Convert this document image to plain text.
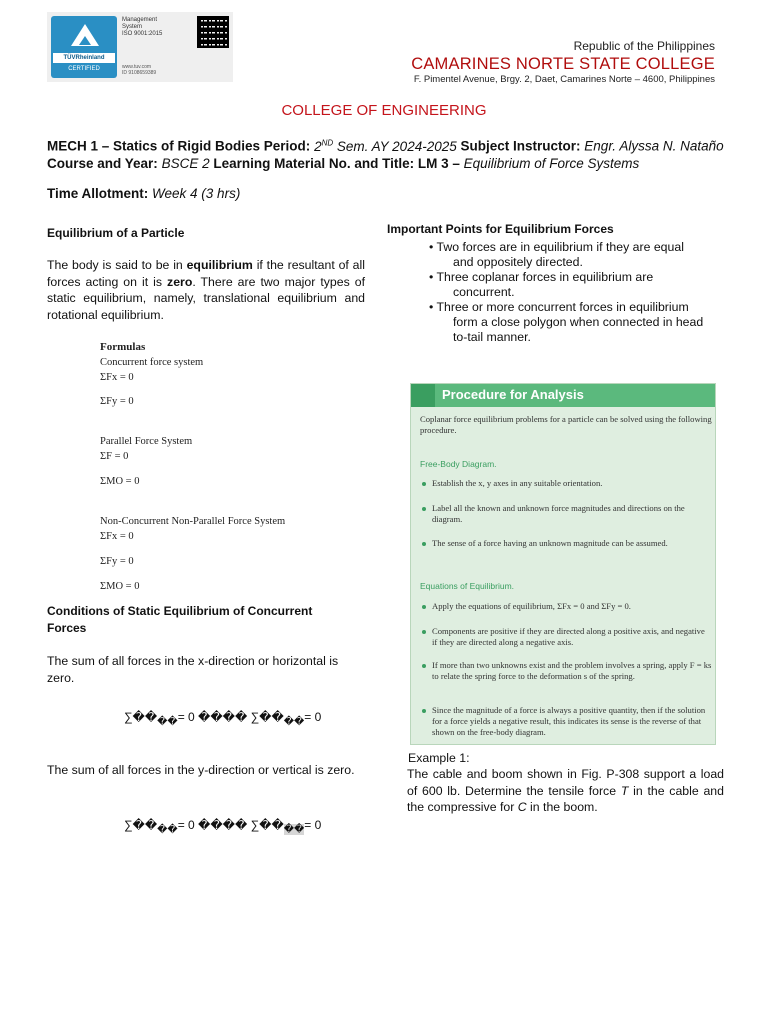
TÜVRheinland
CERTIFIED
Management
System
ISO 9001:2015
www.tuv.com
ID 9108659389
Republic of the Philippines
CAMARINES NORTE STATE COLLEGE
F. Pimentel Avenue, Brgy. 2, Daet, Camarines Norte – 4600, Philippines
COLLEGE OF ENGINEERING
MECH 1 – Statics of Rigid Bodies Period: 2ND Sem. AY 2024-2025 Subject Instructor: Engr. Alyssa N. Nataño Course and Year: BSCE 2 Learning Material No. and Title: LM 3 – Equilibrium of Force Systems
Time Allotment: Week 4 (3 hrs)
Equilibrium of a Particle
The body is said to be in equilibrium if the resultant of all forces acting on it is zero. There are two major types of static equilibrium, namely, translational equilibrium and rotational equilibrium.
Formulas
Concurrent force system
ΣFx = 0
ΣFy = 0
Parallel Force System
ΣF = 0
ΣMO = 0
Non-Concurrent Non-Parallel Force System
ΣFx = 0
ΣFy = 0
ΣMO = 0
Conditions of Static Equilibrium of Concurrent Forces
The sum of all forces in the x-direction or horizontal is zero.
$\sum��_{��}= 0$ ���� $\sum��_{��}= 0$
The sum of all forces in the y-direction or vertical is zero.
$\sum��_{��}= 0$ ���� $\sum��_{��}= 0$
Important Points for Equilibrium Forces
• Two forces are in equilibrium if they are equal
and oppositely directed.
• Three coplanar forces in equilibrium are
concurrent.
• Three or more concurrent forces in equilibrium
form a close polygon when connected in head
to-tail manner.
Procedure for Analysis
Coplanar force equilibrium problems for a particle can be solved using the following procedure.
Free-Body Diagram.
Establish the x, y axes in any suitable orientation.
Label all the known and unknown force magnitudes and directions on the diagram.
The sense of a force having an unknown magnitude can be assumed.
Equations of Equilibrium.
Apply the equations of equilibrium, ΣFx = 0 and ΣFy = 0.
Components are positive if they are directed along a positive axis, and negative if they are directed along a negative axis.
If more than two unknowns exist and the problem involves a spring, apply F = ks to relate the spring force to the deformation s of the spring.
Since the magnitude of a force is always a positive quantity, then if the solution for a force yields a negative result, this indicates its sense is the reverse of that shown on the free-body diagram.
Example 1:
The cable and boom shown in Fig. P-308 support a load of 600 lb. Determine the tensile force T in the cable and the compressive for C in the boom.
